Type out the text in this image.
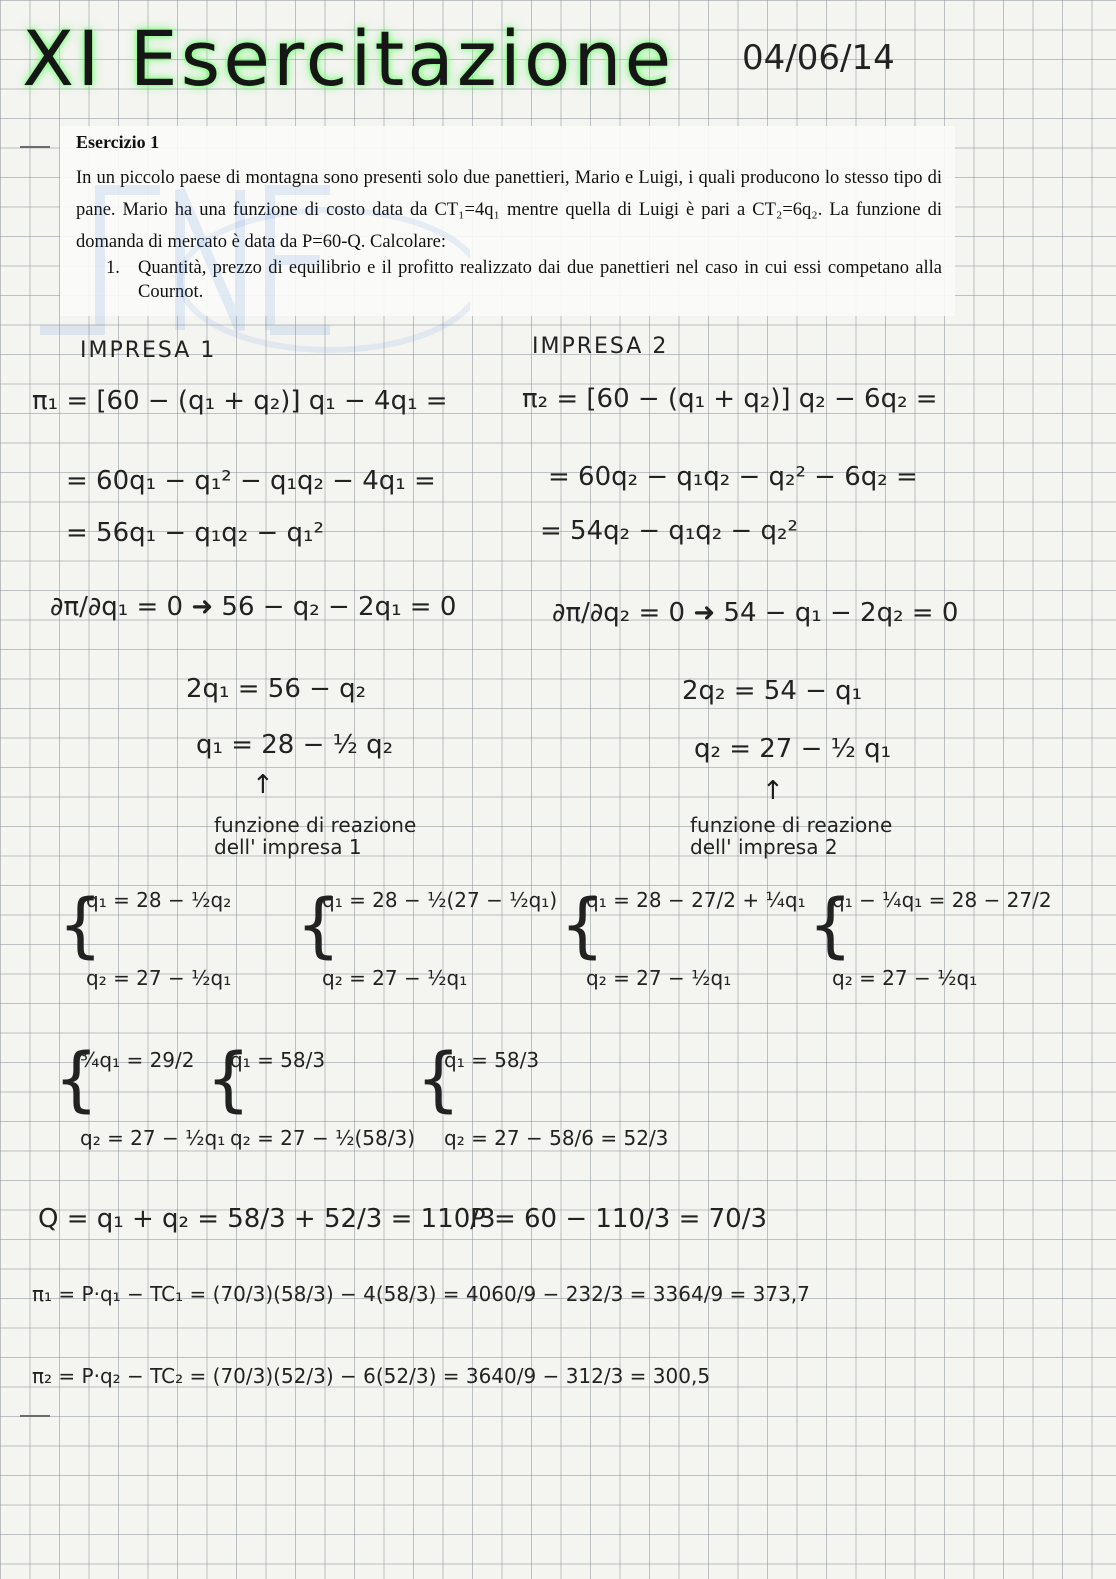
XI Esercitazione 04/06/14
Esercizio 1
In un piccolo paese di montagna sono presenti solo due panettieri, Mario e Luigi, i quali producono lo stesso tipo di pane. Mario ha una funzione di costo data da CT₁=4q₁ mentre quella di Luigi è pari a CT₂=6q₂. La funzione di domanda di mercato è data da P=60-Q. Calcolare:
1. Quantità, prezzo di equilibrio e il profitto realizzato dai due panettieri nel caso in cui essi competano alla Cournot.
IMPRESA 1
π₁ = [60 − (q₁ + q₂)] q₁ − 4q₁ =
= 60q₁ − q₁² − q₁q₂ − 4q₁ =
= 56q₁ − q₁q₂ − q₁²
∂π/∂q₁ = 0 ➜ 56 − q₂ − 2q₁ = 0
2q₁ = 56 − q₂
q₁ = 28 − ½ q₂
↑
funzione di reazione
dell' impresa 1
IMPRESA 2
π₂ = [60 − (q₁ + q₂)] q₂ − 6q₂ =
= 60q₂ − q₁q₂ − q₂² − 6q₂ =
= 54q₂ − q₁q₂ − q₂²
∂π/∂q₂ = 0 ➜ 54 − q₁ − 2q₂ = 0
2q₂ = 54 − q₁
q₂ = 27 − ½ q₁
↑
funzione di reazione
dell' impresa 2
{
q₁ = 28 − ½q₂
q₂ = 27 − ½q₁
{
q₁ = 28 − ½(27 − ½q₁)
q₂ = 27 − ½q₁
{
q₁ = 28 − 27/2 + ¼q₁
q₂ = 27 − ½q₁
{
q₁ − ¼q₁ = 28 − 27/2
q₂ = 27 − ½q₁
{
¾q₁ = 29/2
q₂ = 27 − ½q₁
{
q₁ = 58/3
q₂ = 27 − ½(58/3)
{
q₁ = 58/3
q₂ = 27 − 58/6 = 52/3
Q = q₁ + q₂ = 58/3 + 52/3 = 110/3
P = 60 − 110/3 = 70/3
π₁ = P·q₁ − TC₁ = (70/3)(58/3) − 4(58/3) = 4060/9 − 232/3 = 3364/9 = 373,7
π₂ = P·q₂ − TC₂ = (70/3)(52/3) − 6(52/3) = 3640/9 − 312/3 = 300,5
